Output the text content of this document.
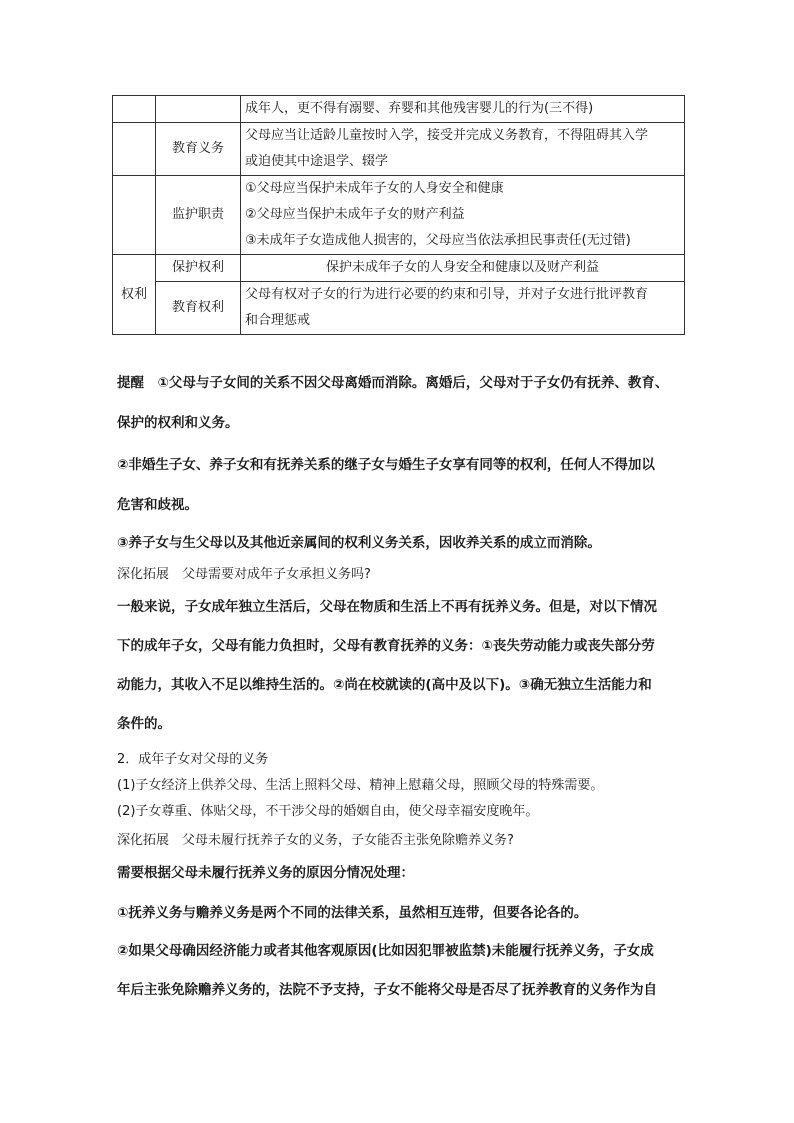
		成年人，更不得有溺婴、弃婴和其他残害婴儿的行为(三不得)
	教育义务	父母应当让适龄儿童按时入学，接受并完成义务教育，不得阻碍其入学
或迫使其中途退学、辍学

	监护职责	①父母应当保护未成年子女的人身安全和健康
②父母应当保护未成年子女的财产利益
③未成年子女造成他人损害的，父母应当依法承担民事责任(无过错)

权利	保护权利	保护未成年子女的人身安全和健康以及财产利益
	教育权利	父母有权对子女的行为进行必要的约束和引导，并对子女进行批评教育
和合理惩戒
提醒　①父母与子女间的关系不因父母离婚而消除。离婚后，父母对于子女仍有抚养、教育、
保护的权利和义务。
②非婚生子女、养子女和有抚养关系的继子女与婚生子女享有同等的权利，任何人不得加以
危害和歧视。
③养子女与生父母以及其他近亲属间的权利义务关系，因收养关系的成立而消除。
深化拓展　父母需要对成年子女承担义务吗?
一般来说，子女成年独立生活后，父母在物质和生活上不再有抚养义务。但是，对以下情况
下的成年子女，父母有能力负担时，父母有教育抚养的义务：①丧失劳动能力或丧失部分劳
动能力，其收入不足以维持生活的。②尚在校就读的(高中及以下)。③确无独立生活能力和
条件的。
2．成年子女对父母的义务
(1)子女经济上供养父母、生活上照料父母、精神上慰藉父母，照顾父母的特殊需要。
(2)子女尊重、体贴父母，不干涉父母的婚姻自由，使父母幸福安度晚年。
深化拓展　父母未履行抚养子女的义务，子女能否主张免除赡养义务?
需要根据父母未履行抚养义务的原因分情况处理：
①抚养义务与赡养义务是两个不同的法律关系，虽然相互连带，但要各论各的。
②如果父母确因经济能力或者其他客观原因(比如因犯罪被监禁)未能履行抚养义务，子女成
年后主张免除赡养义务的，法院不予支持，子女不能将父母是否尽了抚养教育的义务作为自
